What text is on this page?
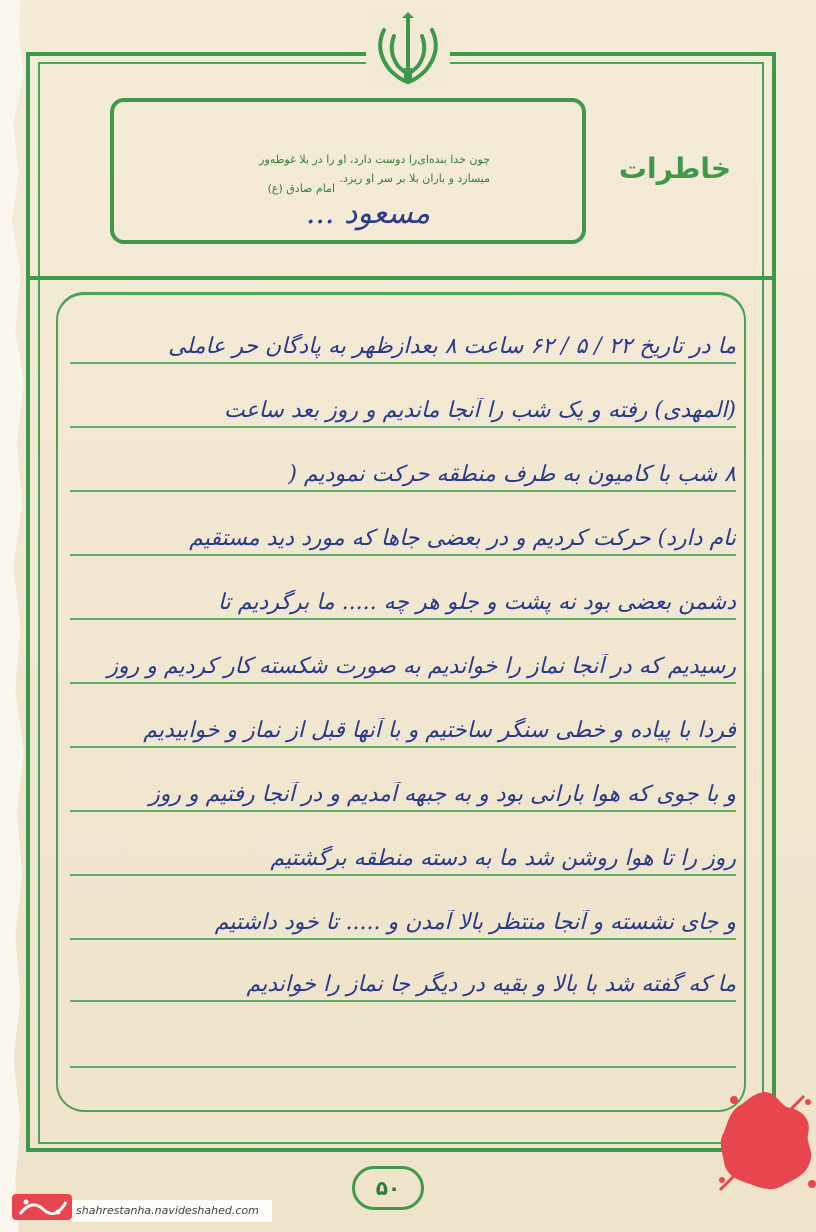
چون خدا بنده‌ای‌را دوست دارد، او را در بلا غوطه‌ور
میسازد و باران بلا بر سر او ریزد.
امام صادق (ع)
مسعود ...
خاطرات
ما در تاریخ ۲۲ / ۵ / ۶۲ ساعت ۸ بعدازظهر به پادگان حر عاملی
(المهدی) رفته و یک شب را آنجا ماندیم و روز بعد ساعت
۸ شب با کامیون به طرف منطقه حرکت نمودیم (
نام‌ دارد) حرکت کردیم و در بعضی جاها که مورد دید مستقیم
دشمن بعضی بود نه پشت و جلو هر چه ..... ما برگردیم تا
رسیدیم که در آنجا نماز را خواندیم به صورت شکسته کار کردیم و روز
فردا با پیاده و خطی سنگر ساختیم و با آنها قبل از نماز و خوابیدیم
و با جوی که هوا بارانی بود و به جبهه آمدیم و در آنجا رفتیم و روز
روز را تا هوا روشن شد ما به دسته منطقه برگشتیم
و جای نشسته و آنجا منتظر بالا آمدن و ..... تا خود داشتیم
ما که گفته شد با بالا و بقیه در دیگر جا نماز را خواندیم
۵۰
shahrestanha.navideshahed.com
